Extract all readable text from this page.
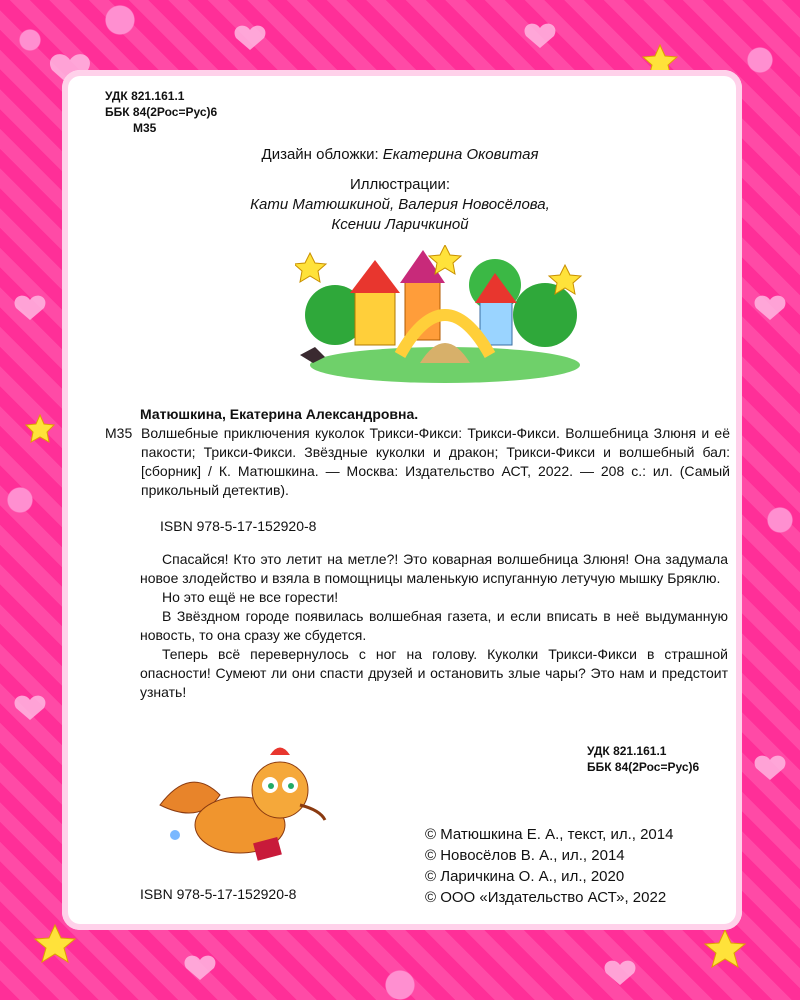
УДК 821.161.1
ББК 84(2Рос=Рус)6
М35
Дизайн обложки: Екатерина Оковитая
Иллюстрации:
Кати Матюшкиной, Валерия Новосёлова,
Ксении Ларичкиной
Матюшкина, Екатерина Александровна.
М35 Волшебные приключения куколок Трикси-Фикси: Трикси-Фикси. Волшебница Злюня и её пакости; Трикси-Фикси. Звёздные куколки и дракон; Трикси-Фикси и волшебный бал: [сборник] / К. Матюшкина. — Москва: Издательство АСТ, 2022. — 208 с.: ил. (Самый прикольный детектив).
ISBN 978-5-17-152920-8

Спасайся! Кто это летит на метле?! Это коварная волшебница Злюня! Она задумала новое злодейство и взяла в помощницы маленькую испуганную летучую мышку Бряклю.

Но это ещё не все горести!

В Звёздном городе появилась волшебная газета, и если вписать в неё выдуманную новость, то она сразу же сбудется.

Теперь всё перевернулось с ног на голову. Куколки Трикси-Фикси в страшной опасности! Сумеют ли они спасти друзей и остановить злые чары? Это нам и предстоит узнать!

УДК 821.161.1
ББК 84(2Рос=Рус)6
© Матюшкина Е. А., текст, ил., 2014
© Новосёлов В. А., ил., 2014
© Ларичкина О. А., ил., 2020
© ООО «Издательство АСТ», 2022
ISBN 978-5-17-152920-8
